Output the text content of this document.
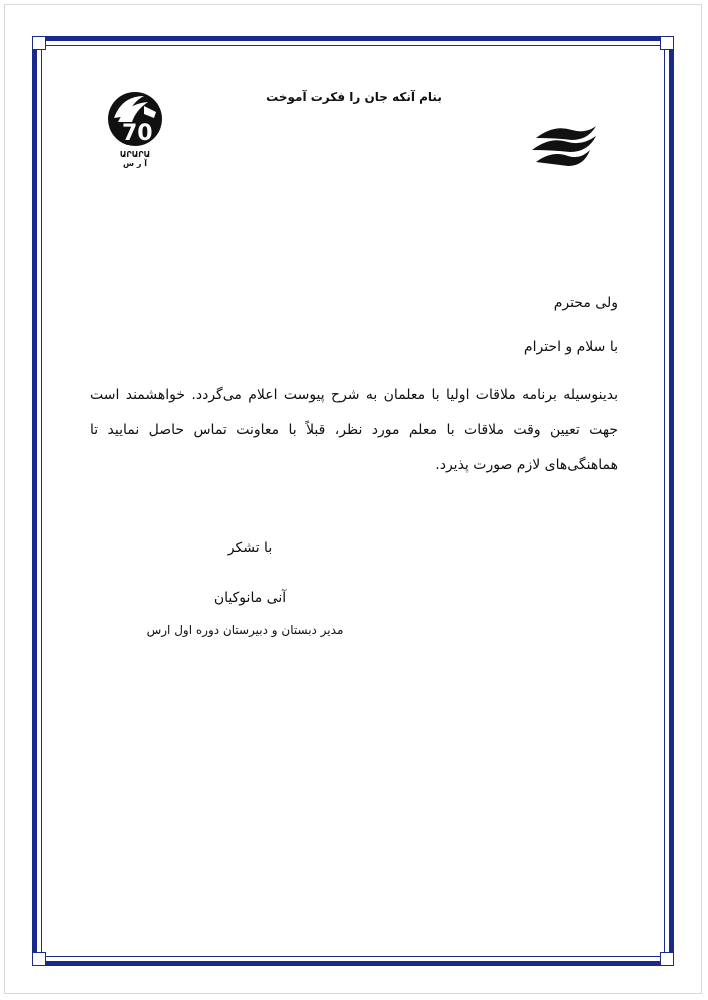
بنام آنکه جان را فکرت آموخت
70
ԱՐԱՐԱ
آ ر س
ولی محترم
با سلام و احترام
بدینوسیله برنامه ملاقات اولیا با معلمان به شرح پیوست اعلام می‌گردد. خواهشمند است جهت تعیین وقت ملاقات با معلم مورد نظر، قبلاً با معاونت تماس حاصل نمایید تا هماهنگی‌های لازم صورت پذیرد.
با تشکر
آنی مانوکیان
مدیر دبستان و دبیرستان دوره اول ارس
